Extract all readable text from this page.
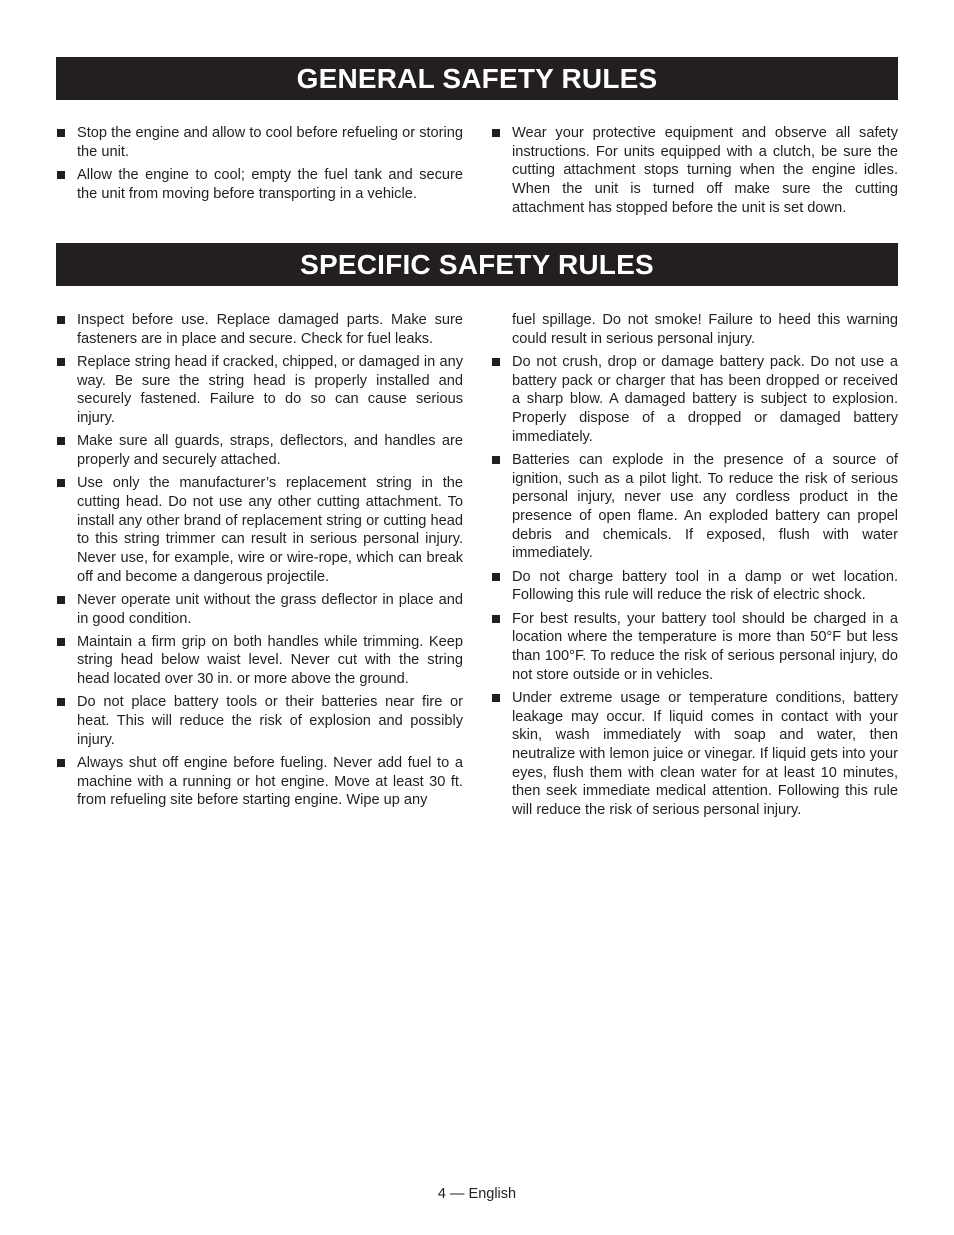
GENERAL SAFETY RULES
Stop the engine and allow to cool before refueling or storing the unit.
Allow the engine to cool; empty the fuel tank and secure the unit from moving before transporting in a vehicle.
Wear your protective equipment and observe all safety instructions. For units equipped with a clutch, be sure the cutting attachment stops turning when the engine idles. When the unit is turned off make sure the cutting attachment has stopped before the unit is set down.
SPECIFIC SAFETY RULES
Inspect before use. Replace damaged parts. Make sure fasteners are in place and secure. Check for fuel leaks.
Replace string head if cracked, chipped, or damaged in any way. Be sure the string head is properly installed and securely fastened. Failure to do so can cause serious injury.
Make sure all guards, straps, deflectors, and handles are properly and securely attached.
Use only the manufacturer’s replacement string in the cutting head. Do not use any other cutting attachment. To install any other brand of replacement string or cutting head to this string trimmer can result in serious personal injury. Never use, for example, wire or wire-rope, which can break off and become a dangerous projectile.
Never operate unit without the grass deflector in place and in good condition.
Maintain a firm grip on both handles while trimming. Keep string head below waist level. Never cut with the string head located over 30 in. or more above the ground.
Do not place battery tools or their batteries near fire or heat. This will reduce the risk of explosion and possibly injury.
Always shut off engine before fueling. Never add fuel to a machine with a running or hot engine. Move at least 30 ft. from refueling site before starting engine. Wipe up any
fuel spillage. Do not smoke! Failure to heed this warning could result in serious personal injury.
Do not crush, drop or damage battery pack. Do not use a battery pack or charger that has been dropped or received a sharp blow. A damaged battery is subject to explosion. Properly dispose of a dropped or damaged battery immediately.
Batteries can explode in the presence of a source of ignition, such as a pilot light. To reduce the risk of serious personal injury, never use any cordless product in the presence of open flame. An exploded battery can propel debris and chemicals. If exposed, flush with water immediately.
Do not charge battery tool in a damp or wet location. Following this rule will reduce the risk of electric shock.
For best results, your battery tool should be charged in a location where the temperature is more than 50°F but less than 100°F. To reduce the risk of serious personal injury, do not store outside or in vehicles.
Under extreme usage or temperature conditions, battery leakage may occur. If liquid comes in contact with your skin, wash immediately with soap and water, then neutralize with lemon juice or vinegar. If liquid gets into your eyes, flush them with clean water for at least 10 minutes, then seek immediate medical attention. Following this rule will reduce the risk of serious personal injury.
4 — English
